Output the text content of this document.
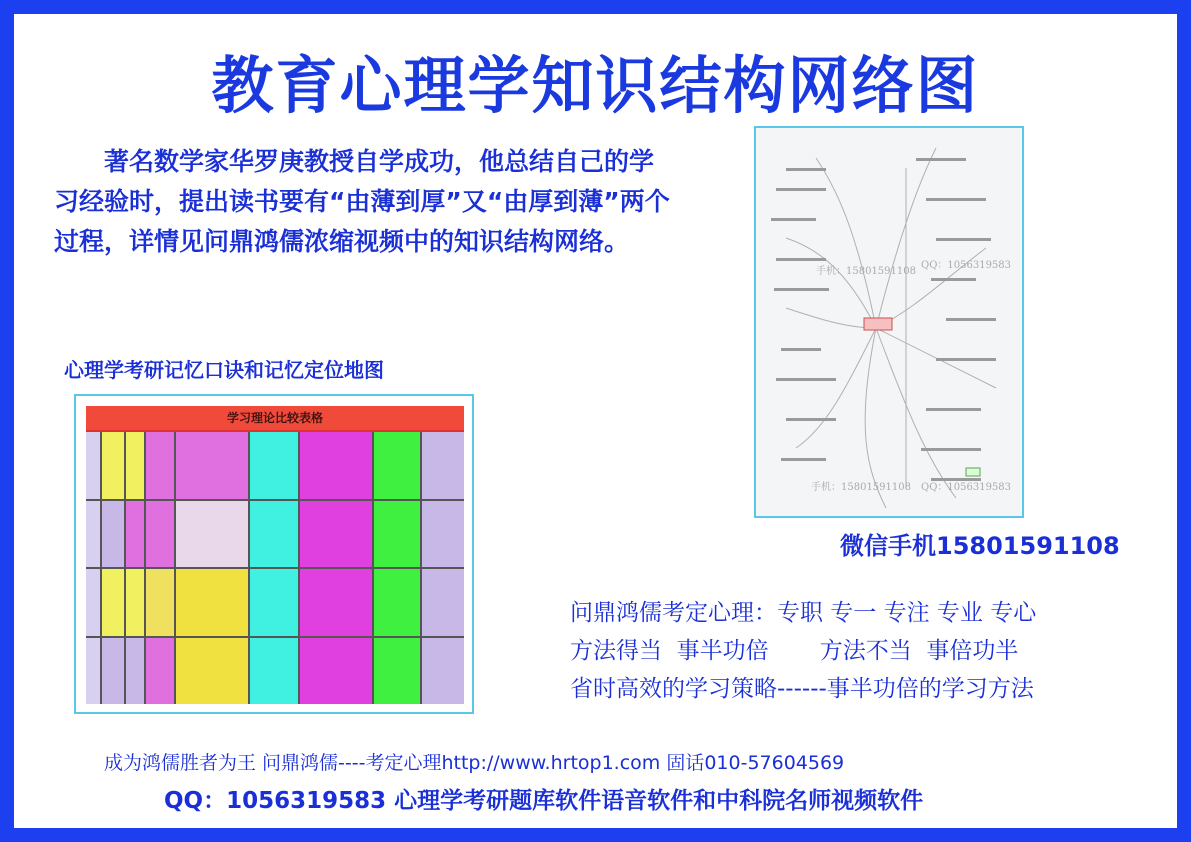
教育心理学知识结构网络图
著名数学家华罗庚教授自学成功，他总结自己的学习经验时，提出读书要有“由薄到厚”又“由厚到薄”两个过程，详情见问鼎鸿儒浓缩视频中的知识结构网络。
心理学考研记忆口诀和记忆定位地图
学习理论比较表格
手机：15801591108
手机：15801591108
QQ：1056319583
QQ：1056319583
微信手机15801591108
问鼎鸿儒考定心理：专职 专一 专注 专业 专心
方法得当  事半功倍       方法不当  事倍功半
省时高效的学习策略------事半功倍的学习方法
成为鸿儒胜者为王 问鼎鸿儒----考定心理http://www.hrtop1.com 固话010-57604569
QQ：1056319583 心理学考研题库软件语音软件和中科院名师视频软件
